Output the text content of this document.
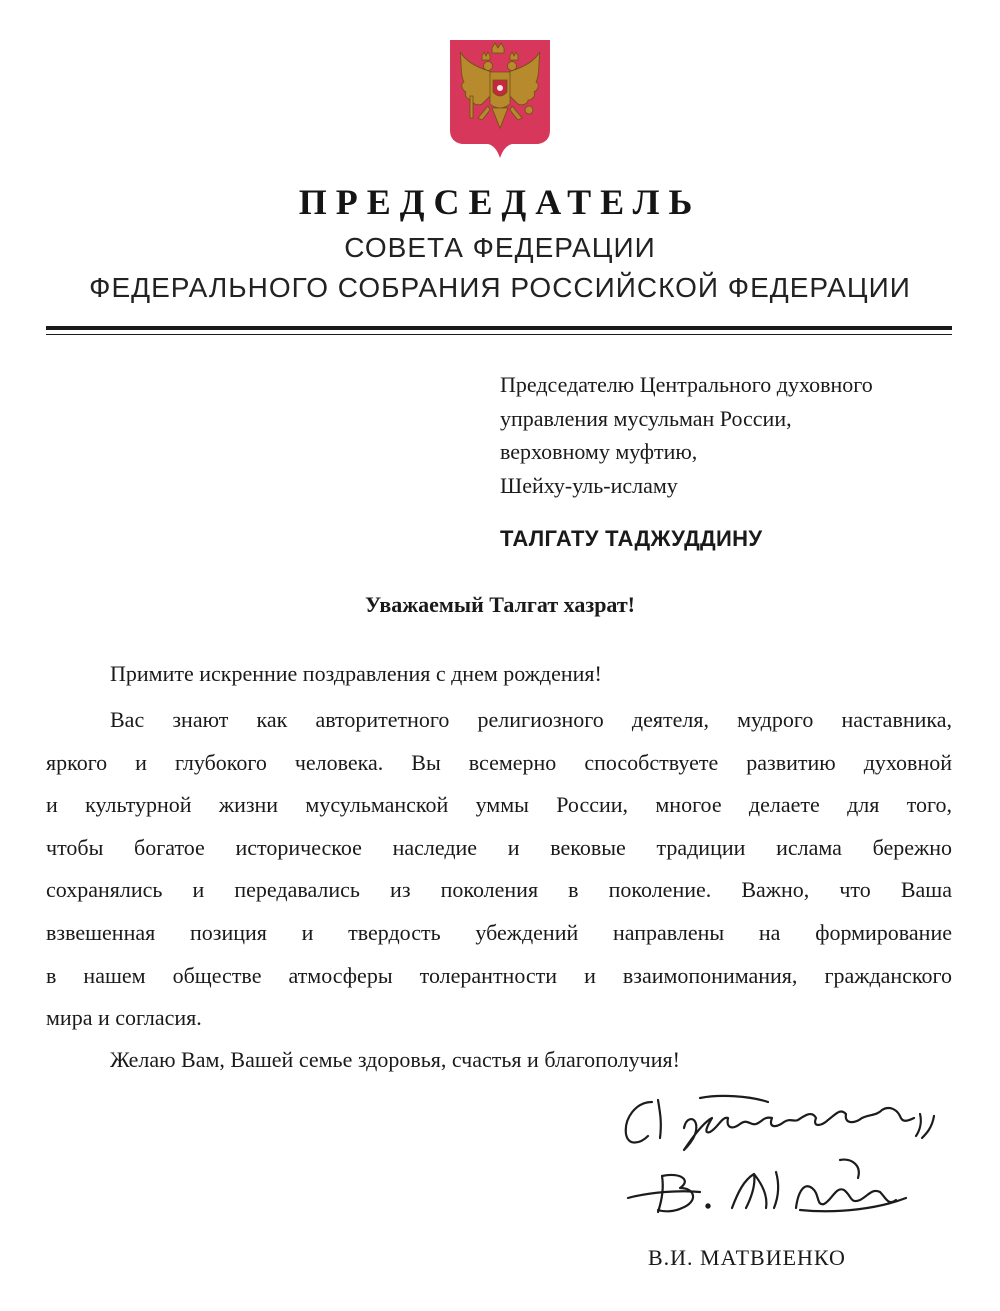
ПРЕДСЕДАТЕЛЬ
СОВЕТА ФЕДЕРАЦИИ
ФЕДЕРАЛЬНОГО СОБРАНИЯ РОССИЙСКОЙ ФЕДЕРАЦИИ
Председателю Центрального духовного
управления мусульман России,
верховному муфтию,
Шейху-уль-исламу
ТАЛГАТУ ТАДЖУДДИНУ
Уважаемый Талгат хазрат!
Примите искренние поздравления с днем рождения!
Вас знают как авторитетного религиозного деятеля, мудрого наставника,
яркого и глубокого человека. Вы всемерно способствуете развитию духовной
и культурной жизни мусульманской уммы России, многое делаете для того,
чтобы богатое историческое наследие и вековые традиции ислама бережно
сохранялись и передавались из поколения в поколение. Важно, что Ваша
взвешенная позиция и твердость убеждений направлены на формирование
в нашем обществе атмосферы толерантности и взаимопонимания, гражданского
мира и согласия.
Желаю Вам, Вашей семье здоровья, счастья и благополучия!
В.И. МАТВИЕНКО
